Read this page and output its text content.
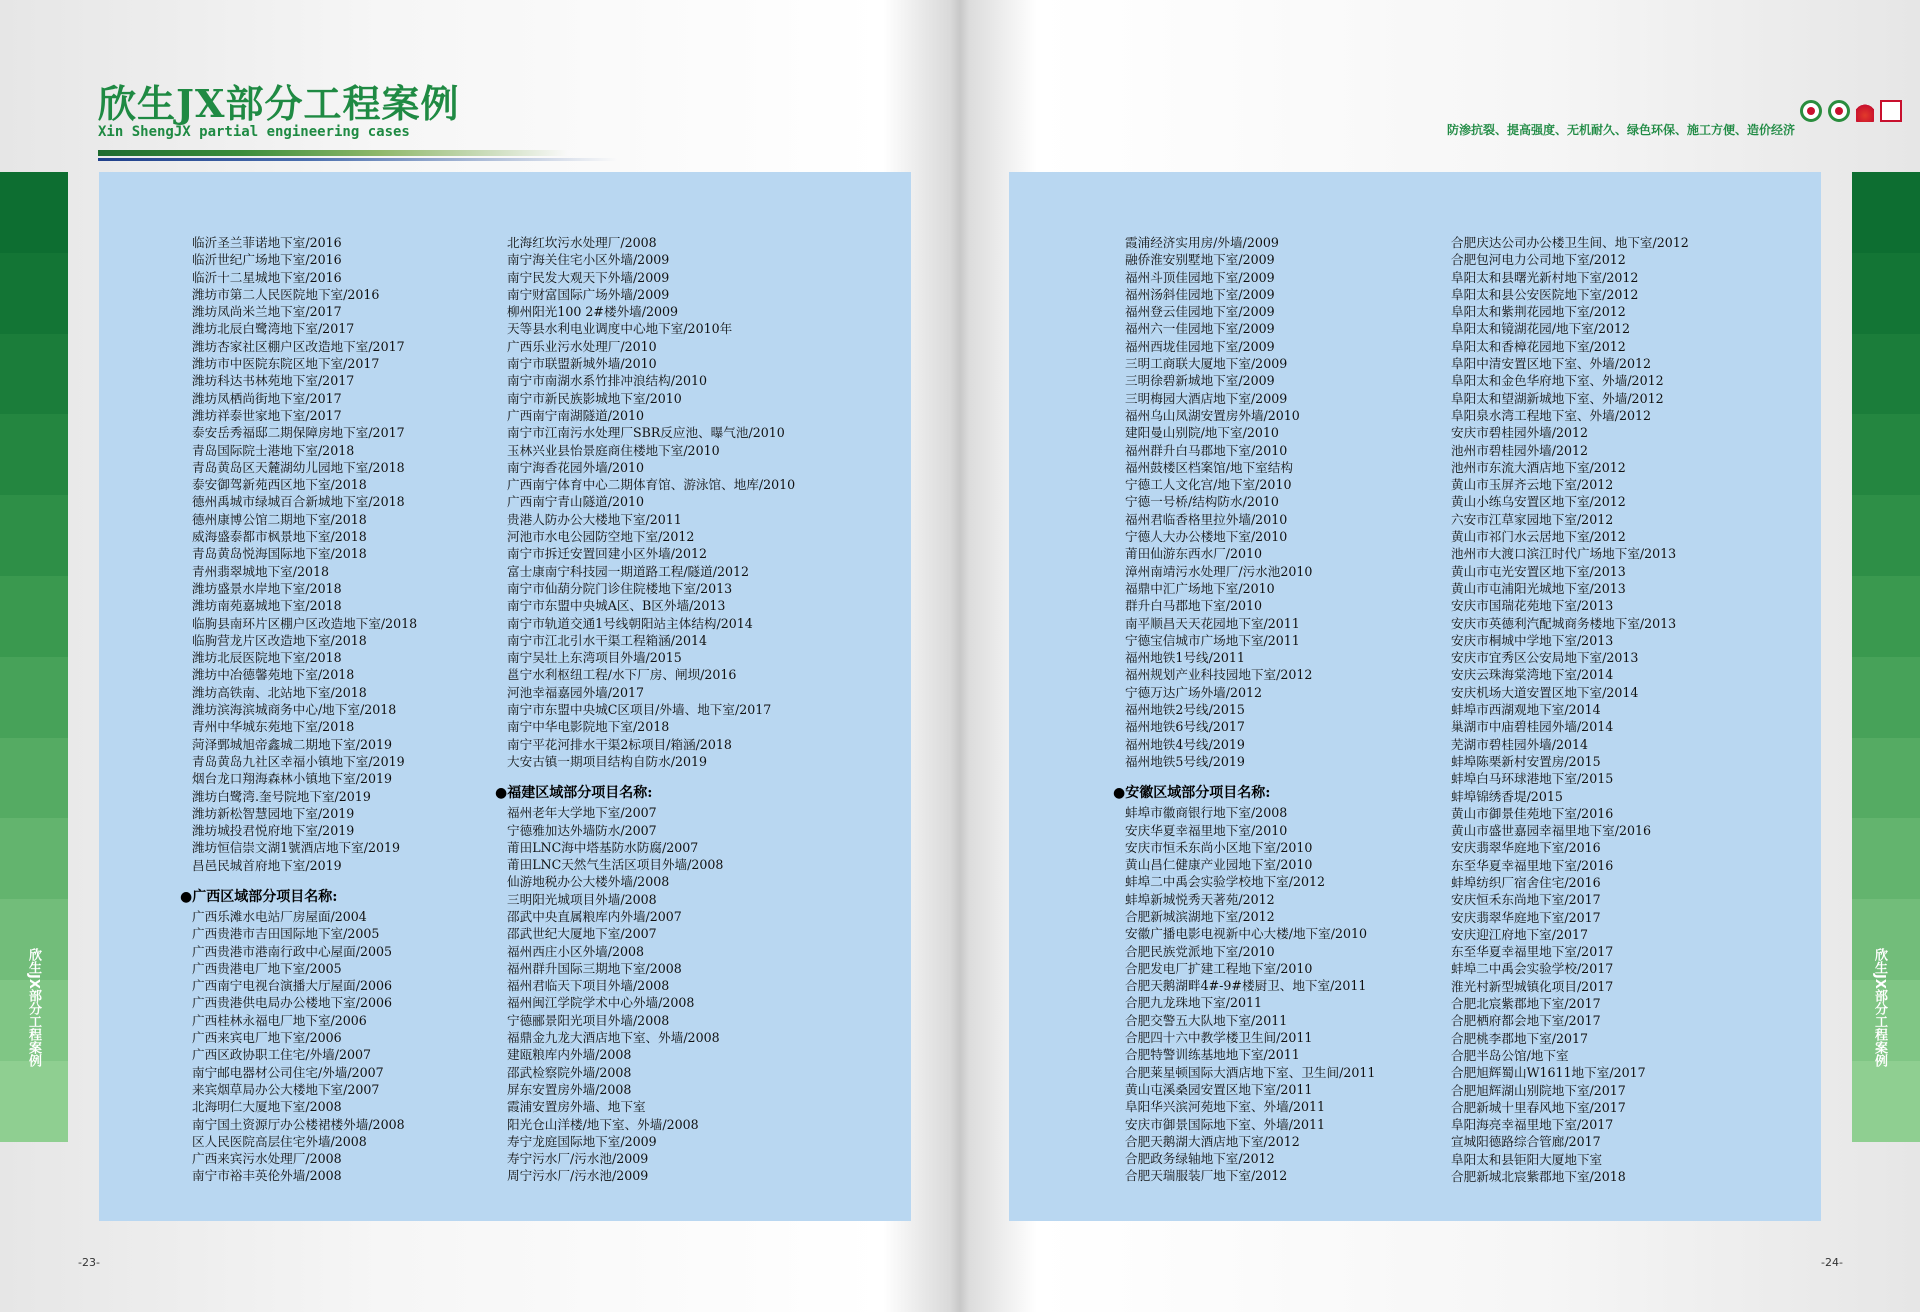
欣生JX部分工程案例
Xin ShengJX partial engineering cases	防渗抗裂、提高强度、无机耐久、绿色环保、施工方便、造价经济
欣生JX部分工程案例	欣生JX部分工程案例
临沂圣兰菲诺地下室/2016
临沂世纪广场地下室/2016
临沂十二星城地下室/2016
潍坊市第二人民医院地下室/2016
潍坊凤尚米兰地下室/2017
潍坊北辰白鹭湾地下室/2017
潍坊杏家社区棚户区改造地下室/2017
潍坊市中医院东院区地下室/2017
潍坊科达书林苑地下室/2017
潍坊凤栖尚街地下室/2017
潍坊祥泰世家地下室/2017
泰安岳秀福邸二期保障房地下室/2017
青岛国际院士港地下室/2018
青岛黄岛区天麓湖幼儿园地下室/2018
泰安御驾新苑西区地下室/2018
德州禹城市绿城百合新城地下室/2018
德州康博公馆二期地下室/2018
威海盛泰都市枫景地下室/2018
青岛黄岛悦海国际地下室/2018
青州翡翠城地下室/2018
潍坊盛景水岸地下室/2018
潍坊南苑嘉城地下室/2018
临朐县南环片区棚户区改造地下室/2018
临朐营龙片区改造地下室/2018
潍坊北辰医院地下室/2018
潍坊中冶德馨苑地下室/2018
潍坊高铁南、北站地下室/2018
潍坊滨海滨城商务中心/地下室/2018
青州中华城东苑地下室/2018
菏泽鄄城旭帝鑫城二期地下室/2019
青岛黄岛九社区幸福小镇地下室/2019
烟台龙口翔海森林小镇地下室/2019
潍坊白鹭湾.奎号院地下室/2019
潍坊新松智慧园地下室/2019
潍坊城投君悦府地下室/2019
潍坊恒信崇文湖1號酒店地下室/2019
昌邑民城首府地下室/2019
●广西区域部分项目名称:
广西乐滩水电站厂房屋面/2004
广西贵港市吉田国际地下室/2005
广西贵港市港南行政中心屋面/2005
广西贵港电厂地下室/2005
广西南宁电视台演播大厅屋面/2006
广西贵港供电局办公楼地下室/2006
广西桂林永福电厂地下室/2006
广西来宾电厂地下室/2006
广西区政协职工住宅/外墙/2007
南宁邮电器材公司住宅/外墙/2007
来宾烟草局办公大楼地下室/2007
北海明仁大厦地下室/2008
南宁国土资源厅办公楼裙楼外墙/2008
区人民医院高层住宅外墙/2008
广西来宾污水处理厂/2008
南宁市裕丰英伦外墙/2008
北海红坎污水处理厂/2008
南宁海关住宅小区外墙/2009
南宁民发大观天下外墙/2009
南宁财富国际广场外墙/2009
柳州阳光100 2#楼外墙/2009
天等县水利电业调度中心地下室/2010年
广西乐业污水处理厂/2010
南宁市联盟新城外墙/2010
南宁市南湖水系竹排冲浪结构/2010
南宁市新民族影城地下室/2010
广西南宁南湖隧道/2010
南宁市江南污水处理厂SBR反应池、曝气池/2010
玉林兴业县怡景庭商住楼地下室/2010
南宁海香花园外墙/2010
广西南宁体育中心二期体育馆、游泳馆、地库/2010
广西南宁青山隧道/2010
贵港人防办公大楼地下室/2011
河池市水电公园防空地下室/2012
南宁市拆迁安置回建小区外墙/2012
富士康南宁科技园一期道路工程/隧道/2012
南宁市仙葫分院门诊住院楼地下室/2013
南宁市东盟中央城A区、B区外墙/2013
南宁市轨道交通1号线朝阳站主体结构/2014
南宁市江北引水干渠工程箱涵/2014
南宁吴壮上东湾项目外墙/2015
邕宁水利枢纽工程/水下厂房、闸坝/2016
河池幸福嘉园外墙/2017
南宁市东盟中央城C区项目/外墙、地下室/2017
南宁中华电影院地下室/2018
南宁平花河排水干渠2标项目/箱涵/2018
大安古镇一期项目结构自防水/2019
●福建区域部分项目名称:
福州老年大学地下室/2007
宁德雅加达外墙防水/2007
莆田LNC海中塔基防水防腐/2007
莆田LNC天然气生活区项目外墙/2008
仙游地税办公大楼外墙/2008
三明阳光城项目外墙/2008
邵武中央直属粮库内外墙/2007
邵武世纪大厦地下室/2007
福州西庄小区外墙/2008
福州群升国际三期地下室/2008
福州君临天下项目外墙/2008
福州闽江学院学术中心外墙/2008
宁德郦景阳光项目外墙/2008
福鼎金九龙大酒店地下室、外墙/2008
建瓯粮库内外墙/2008
邵武检察院外墙/2008
屏东安置房外墙/2008
霞浦安置房外墙、地下室
阳光仓山洋楼/地下室、外墙/2008
寿宁龙庭国际地下室/2009
寿宁污水厂/污水池/2009
周宁污水厂/污水池/2009
霞浦经济实用房/外墙/2009
融侨淮安别墅地下室/2009
福州斗顶佳园地下室/2009
福州汤斜佳园地下室/2009
福州登云佳园地下室/2009
福州六一佳园地下室/2009
福州西垅佳园地下室/2009
三明工商联大厦地下室/2009
三明徐碧新城地下室/2009
三明梅园大酒店地下室/2009
福州乌山凤湖安置房外墙/2010
建阳曼山别院/地下室/2010
福州群升白马郡地下室/2010
福州鼓楼区档案馆/地下室结构
宁德工人文化宫/地下室/2010
宁德一号桥/结构防水/2010
福州君临香格里拉外墙/2010
宁德人大办公楼地下室/2010
莆田仙游东西水厂/2010
漳州南靖污水处理厂/污水池2010
福鼎中汇广场地下室/2010
群升白马郡地下室/2010
南平顺昌天天花园地下室/2011
宁德宝信城市广场地下室/2011
福州地铁1号线/2011
福州规划产业科技园地下室/2012
宁德万达广场外墙/2012
福州地铁2号线/2015
福州地铁6号线/2017
福州地铁4号线/2019
福州地铁5号线/2019
●安徽区域部分项目名称:
蚌埠市徽商银行地下室/2008
安庆华夏幸福里地下室/2010
安庆市恒禾东尚小区地下室/2010
黄山昌仁健康产业园地下室/2010
蚌埠二中禹会实验学校地下室/2012
蚌埠新城悦秀天著苑/2012
合肥新城滨湖地下室/2012
安徽广播电影电视新中心大楼/地下室/2010
合肥民族党派地下室/2010
合肥发电厂扩建工程地下室/2010
合肥天鹅湖畔4#-9#楼厨卫、地下室/2011
合肥九龙珠地下室/2011
合肥交警五大队地下室/2011
合肥四十六中教学楼卫生间/2011
合肥特警训练基地地下室/2011
合肥莱星顿国际大酒店地下室、卫生间/2011
黄山屯溪桑园安置区地下室/2011
阜阳华兴滨河苑地下室、外墙/2011
安庆市御景国际地下室、外墙/2011
合肥天鹅湖大酒店地下室/2012
合肥政务绿轴地下室/2012
合肥天瑞服装厂地下室/2012
合肥庆达公司办公楼卫生间、地下室/2012
合肥包河电力公司地下室/2012
阜阳太和县曙光新村地下室/2012
阜阳太和县公安医院地下室/2012
阜阳太和紫荆花园地下室/2012
阜阳太和镜湖花园/地下室/2012
阜阳太和香樟花园地下室/2012
阜阳中清安置区地下室、外墙/2012
阜阳太和金色华府地下室、外墙/2012
阜阳太和望湖新城地下室、外墙/2012
阜阳泉水湾工程地下室、外墙/2012
安庆市碧桂园外墙/2012
池州市碧桂园外墙/2012
池州市东流大酒店地下室/2012
黄山市玉屏齐云地下室/2012
黄山小练乌安置区地下室/2012
六安市江草家园地下室/2012
黄山市祁门水云居地下室/2012
池州市大渡口滨江时代广场地下室/2013
黄山市屯光安置区地下室/2013
黄山市屯浦阳光城地下室/2013
安庆市国瑞花苑地下室/2013
安庆市英德利汽配城商务楼地下室/2013
安庆市桐城中学地下室/2013
安庆市宜秀区公安局地下室/2013
安庆云珠海棠湾地下室/2014
安庆机场大道安置区地下室/2014
蚌埠市西湖观地下室/2014
巢湖市中庙碧桂园外墙/2014
芜湖市碧桂园外墙/2014
蚌埠陈栗新村安置房/2015
蚌埠白马环球港地下室/2015
蚌埠锦绣香堤/2015
黄山市御景佳苑地下室/2016
黄山市盛世嘉园幸福里地下室/2016
安庆翡翠华庭地下室/2016
东至华夏幸福里地下室/2016
蚌埠纺织厂宿舍住宅/2016
安庆恒禾东尚地下室/2017
安庆翡翠华庭地下室/2017
安庆迎江府地下室/2017
东至华夏幸福里地下室/2017
蚌埠二中禹会实验学校/2017
淮光村新型城镇化项目/2017
合肥北宸紫郡地下室/2017
合肥栖府都会地下室/2017
合肥桃李郡地下室/2017
合肥半岛公馆/地下室
合肥旭辉蜀山W1611地下室/2017
合肥旭辉湖山别院地下室/2017
合肥新城十里春风地下室/2017
阜阳海亮幸福里地下室/2017
宣城阳德路综合管廊/2017
阜阳太和县钜阳大厦地下室
合肥新城北宸紫郡地下室/2018
-23-	-24-
